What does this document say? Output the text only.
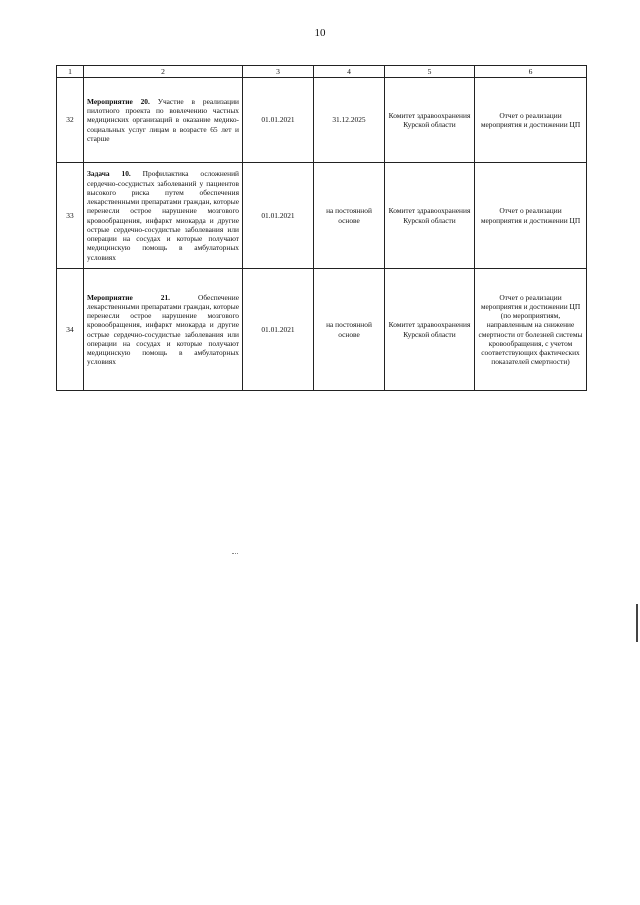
10
1	2	3	4	5	6
32	Мероприятие 20. Участие в реализации пилотного проекта по вовлечению частных медицинских организаций в оказание медико-социальных услуг лицам в возрасте 65 лет и старше	01.01.2021	31.12.2025	Комитет здравоохранения Курской области	Отчет о реализации мероприятия и достижении ЦП
33	Задача 10. Профилактика осложнений сердечно-сосудистых заболеваний у пациентов высокого риска путем обеспечения лекарственными препаратами граждан, которые перенесли острое нарушение мозгового кровообращения, инфаркт миокарда и другие острые сердечно-сосудистые заболевания или операции на сосудах и которые получают медицинскую помощь в амбулаторных условиях	01.01.2021	на постоянной основе	Комитет здравоохранения Курской области	Отчет о реализации мероприятия и достижении ЦП
34	Мероприятие 21. Обеспечение лекарственными препаратами граждан, которые перенесли острое нарушение мозгового кровообращения, инфаркт миокарда и другие острые сердечно-сосудистые заболевания или операции на сосудах и которые получают медицинскую помощь в амбулаторных условиях	01.01.2021	на постоянной основе	Комитет здравоохранения Курской области	Отчет о реализации мероприятия и достижении ЦП (по мероприятиям, направленным на снижение смертности от болезней системы кровообращения, с учетом соответствующих фактических показателей смертности)
